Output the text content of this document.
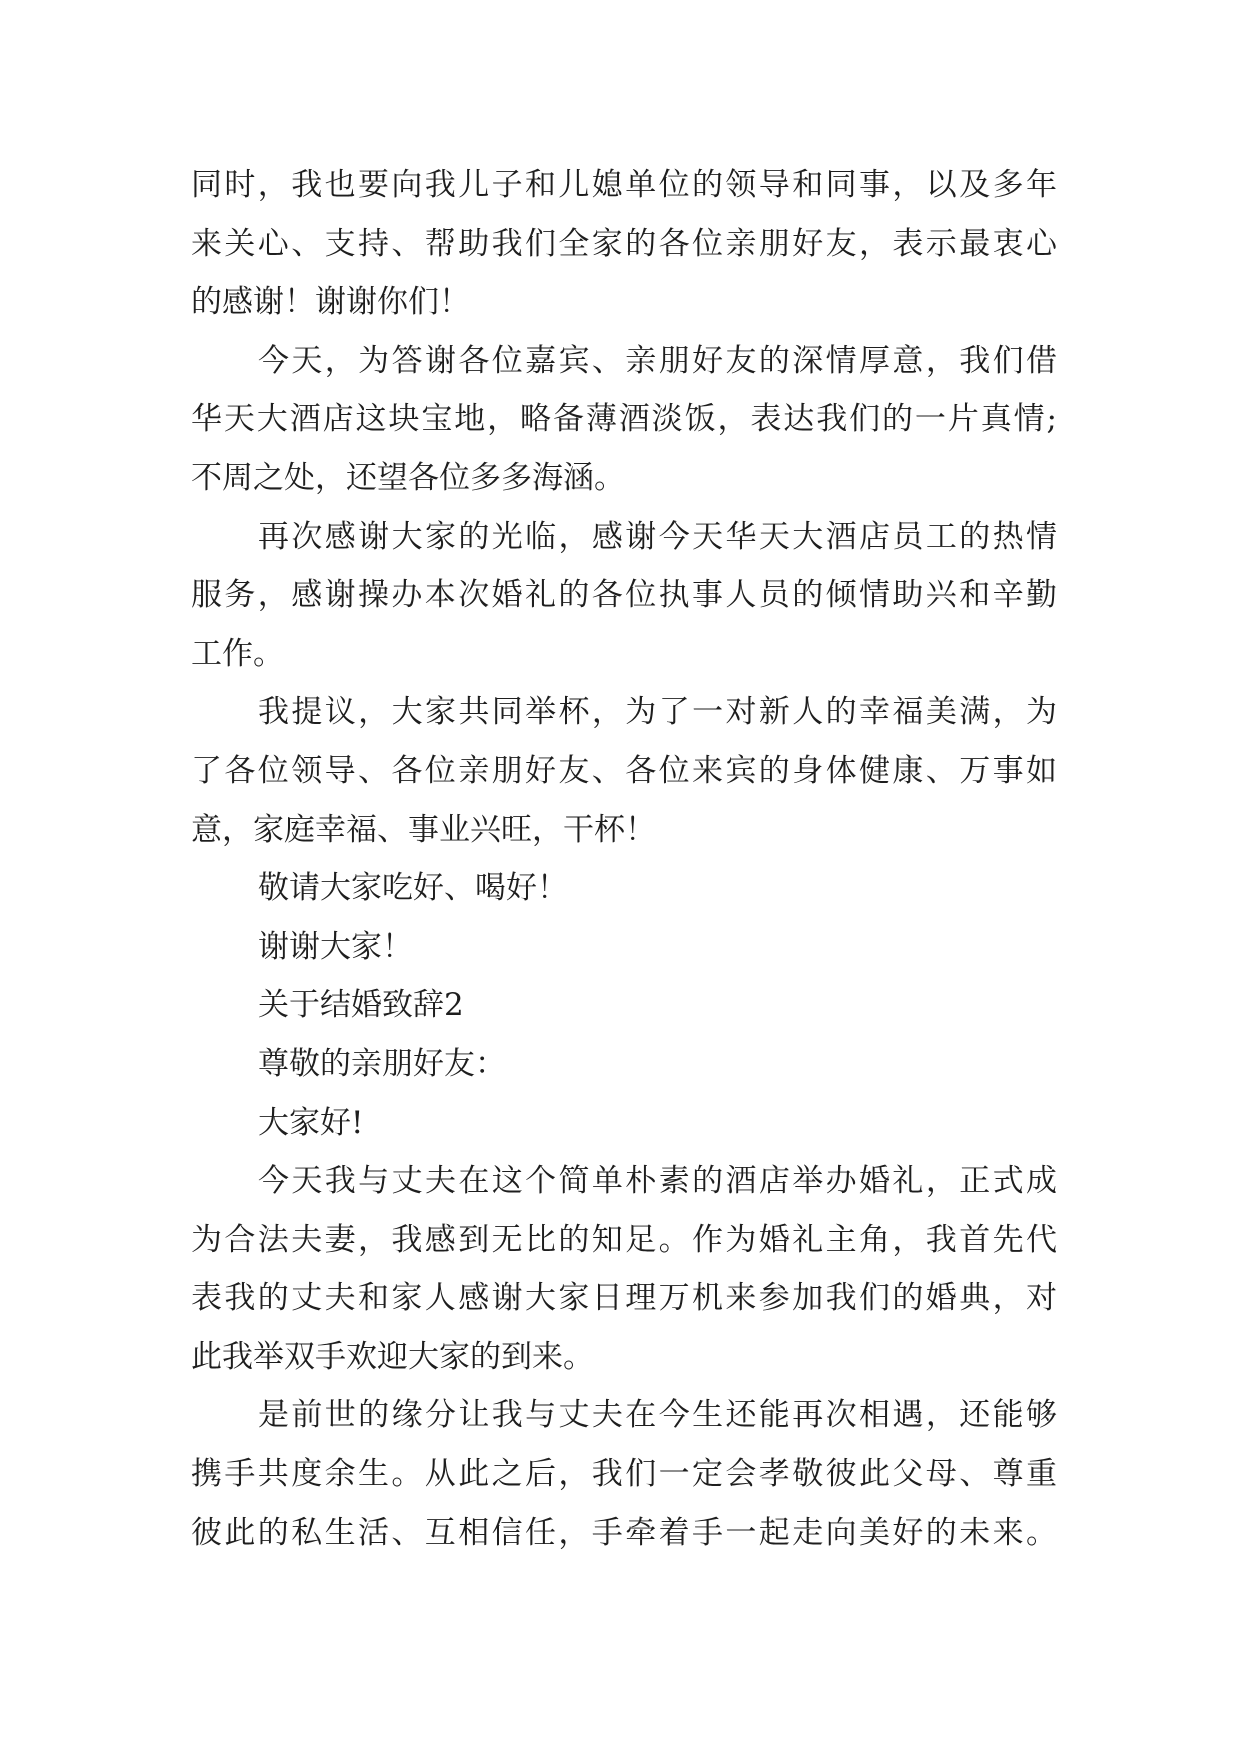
同时，我也要向我儿子和儿媳单位的领导和同事，以及多年
来关心、支持、帮助我们全家的各位亲朋好友，表示最衷心
的感谢！谢谢你们！
今天，为答谢各位嘉宾、亲朋好友的深情厚意，我们借
华天大酒店这块宝地，略备薄酒淡饭，表达我们的一片真情;
不周之处，还望各位多多海涵。
再次感谢大家的光临，感谢今天华天大酒店员工的热情
服务，感谢操办本次婚礼的各位执事人员的倾情助兴和辛勤
工作。
我提议，大家共同举杯，为了一对新人的幸福美满，为
了各位领导、各位亲朋好友、各位来宾的身体健康、万事如
意，家庭幸福、事业兴旺，干杯！
敬请大家吃好、喝好！
谢谢大家！
关于结婚致辞2
尊敬的亲朋好友：
大家好!
今天我与丈夫在这个简单朴素的酒店举办婚礼，正式成
为合法夫妻，我感到无比的知足。作为婚礼主角，我首先代
表我的丈夫和家人感谢大家日理万机来参加我们的婚典，对
此我举双手欢迎大家的到来。
是前世的缘分让我与丈夫在今生还能再次相遇，还能够
携手共度余生。从此之后，我们一定会孝敬彼此父母、尊重
彼此的私生活、互相信任，手牵着手一起走向美好的未来。
